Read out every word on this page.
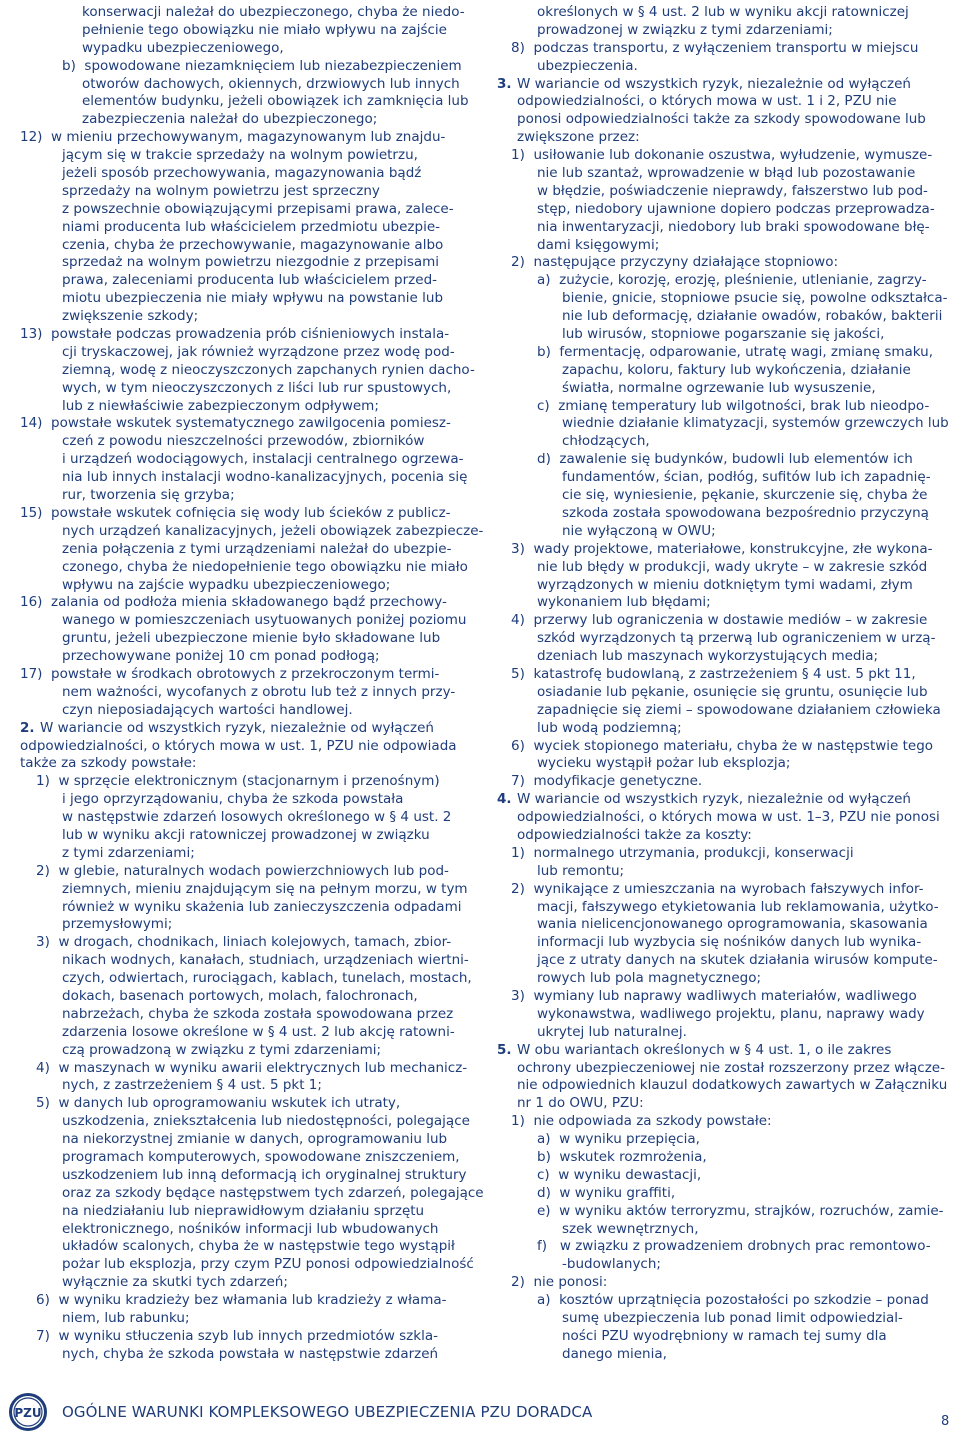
konserwacji należał do ubezpieczonego, chyba że niedo-
pełnienie tego obowiązku nie miało wpływu na zajście
wypadku ubezpieczeniowego,
b)  spowodowane niezamknięciem lub niezabezpieczeniem
otworów dachowych, okiennych, drzwiowych lub innych
elementów budynku, jeżeli obowiązek ich zamknięcia lub
zabezpieczenia należał do ubezpieczonego;
12)  w mieniu przechowywanym, magazynowanym lub znajdu-
jącym się w trakcie sprzedaży na wolnym powietrzu,
jeżeli sposób przechowywania, magazynowania bądź
sprzedaży na wolnym powietrzu jest sprzeczny
z powszechnie obowiązującymi przepisami prawa, zalece-
niami producenta lub właścicielem przedmiotu ubezpie-
czenia, chyba że przechowywanie, magazynowanie albo
sprzedaż na wolnym powietrzu niezgodnie z przepisami
prawa, zaleceniami producenta lub właścicielem przed-
miotu ubezpieczenia nie miały wpływu na powstanie lub
zwiększenie szkody;
13)  powstałe podczas prowadzenia prób ciśnieniowych instala-
cji tryskaczowej, jak również wyrządzone przez wodę pod-
ziemną, wodę z nieoczyszczonych zapchanych rynien dacho-
wych, w tym nieoczyszczonych z liści lub rur spustowych,
lub z niewłaściwie zabezpieczonym odpływem;
14)  powstałe wskutek systematycznego zawilgocenia pomiesz-
czeń z powodu nieszczelności przewodów, zbiorników
i urządzeń wodociągowych, instalacji centralnego ogrzewa-
nia lub innych instalacji wodno-kanalizacyjnych, pocenia się
rur, tworzenia się grzyba;
15)  powstałe wskutek cofnięcia się wody lub ścieków z publicz-
nych urządzeń kanalizacyjnych, jeżeli obowiązek zabezpiecze-
zenia połączenia z tymi urządzeniami należał do ubezpie-
czonego, chyba że niedopełnienie tego obowiązku nie miało
wpływu na zajście wypadku ubezpieczeniowego;
16)  zalania od podłoża mienia składowanego bądź przechowy-
wanego w pomieszczeniach usytuowanych poniżej poziomu
gruntu, jeżeli ubezpieczone mienie było składowane lub
przechowywane poniżej 10 cm ponad podłogą;
17)  powstałe w środkach obrotowych z przekroczonym termi-
nem ważności, wycofanych z obrotu lub też z innych przy-
czyn nieposiadających wartości handlowej.
2. W wariancie od wszystkich ryzyk, niezależnie od wyłączeń
odpowiedzialności, o których mowa w ust. 1, PZU nie odpowiada
także za szkody powstałe:
1)  w sprzęcie elektronicznym (stacjonarnym i przenośnym)
i jego oprzyrządowaniu, chyba że szkoda powstała
w następstwie zdarzeń losowych określonego w § 4 ust. 2
lub w wyniku akcji ratowniczej prowadzonej w związku
z tymi zdarzeniami;
2)  w glebie, naturalnych wodach powierzchniowych lub pod-
ziemnych, mieniu znajdującym się na pełnym morzu, w tym
również w wyniku skażenia lub zanieczyszczenia odpadami
przemysłowymi;
3)  w drogach, chodnikach, liniach kolejowych, tamach, zbior-
nikach wodnych, kanałach, studniach, urządzeniach wiertni-
czych, odwiertach, rurociągach, kablach, tunelach, mostach,
dokach, basenach portowych, molach, falochronach,
nabrzeżach, chyba że szkoda została spowodowana przez
zdarzenia losowe określone w § 4 ust. 2 lub akcję ratowni-
czą prowadzoną w związku z tymi zdarzeniami;
4)  w maszynach w wyniku awarii elektrycznych lub mechanicz-
nych, z zastrzeżeniem § 4 ust. 5 pkt 1;
5)  w danych lub oprogramowaniu wskutek ich utraty,
uszkodzenia, zniekształcenia lub niedostępności, polegające
na niekorzystnej zmianie w danych, oprogramowaniu lub
programach komputerowych, spowodowane zniszczeniem,
uszkodzeniem lub inną deformacją ich oryginalnej struktury
oraz za szkody będące następstwem tych zdarzeń, polegające
na niedziałaniu lub nieprawidłowym działaniu sprzętu
elektronicznego, nośników informacji lub wbudowanych
układów scalonych, chyba że w następstwie tego wystąpił
pożar lub eksplozja, przy czym PZU ponosi odpowiedzialność
wyłącznie za skutki tych zdarzeń;
6)  w wyniku kradzieży bez włamania lub kradzieży z włama-
niem, lub rabunku;
7)  w wyniku stłuczenia szyb lub innych przedmiotów szkla-
nych, chyba że szkoda powstała w następstwie zdarzeń
określonych w § 4 ust. 2 lub w wyniku akcji ratowniczej
prowadzonej w związku z tymi zdarzeniami;
8)  podczas transportu, z wyłączeniem transportu w miejscu
ubezpieczenia.
3. W wariancie od wszystkich ryzyk, niezależnie od wyłączeń
odpowiedzialności, o których mowa w ust. 1 i 2, PZU nie
ponosi odpowiedzialności także za szkody spowodowane lub
zwiększone przez:
1)  usiłowanie lub dokonanie oszustwa, wyłudzenie, wymusze-
nie lub szantaż, wprowadzenie w błąd lub pozostawanie
w błędzie, poświadczenie nieprawdy, fałszerstwo lub pod-
stęp, niedobory ujawnione dopiero podczas przeprowadza-
nia inwentaryzacji, niedobory lub braki spowodowane błę-
dami księgowymi;
2)  następujące przyczyny działające stopniowo:
a)  zużycie, korozję, erozję, pleśnienie, utlenianie, zagrzy-
bienie, gnicie, stopniowe psucie się, powolne odkształca-
nie lub deformację, działanie owadów, robaków, bakterii
lub wirusów, stopniowe pogarszanie się jakości,
b)  fermentację, odparowanie, utratę wagi, zmianę smaku,
zapachu, koloru, faktury lub wykończenia, działanie
światła, normalne ogrzewanie lub wysuszenie,
c)  zmianę temperatury lub wilgotności, brak lub nieodpo-
wiednie działanie klimatyzacji, systemów grzewczych lub
chłodzących,
d)  zawalenie się budynków, budowli lub elementów ich
fundamentów, ścian, podłóg, sufitów lub ich zapadnię-
cie się, wyniesienie, pękanie, skurczenie się, chyba że
szkoda została spowodowana bezpośrednio przyczyną
nie wyłączoną w OWU;
3)  wady projektowe, materiałowe, konstrukcyjne, złe wykona-
nie lub błędy w produkcji, wady ukryte – w zakresie szkód
wyrządzonych w mieniu dotkniętym tymi wadami, złym
wykonaniem lub błędami;
4)  przerwy lub ograniczenia w dostawie mediów – w zakresie
szkód wyrządzonych tą przerwą lub ograniczeniem w urzą-
dzeniach lub maszynach wykorzystujących media;
5)  katastrofę budowlaną, z zastrzeżeniem § 4 ust. 5 pkt 11,
osiadanie lub pękanie, osunięcie się gruntu, osunięcie lub
zapadnięcie się ziemi – spowodowane działaniem człowieka
lub wodą podziemną;
6)  wyciek stopionego materiału, chyba że w następstwie tego
wycieku wystąpił pożar lub eksplozja;
7)  modyfikacje genetyczne.
4. W wariancie od wszystkich ryzyk, niezależnie od wyłączeń
odpowiedzialności, o których mowa w ust. 1–3, PZU nie ponosi
odpowiedzialności także za koszty:
1)  normalnego utrzymania, produkcji, konserwacji
lub remontu;
2)  wynikające z umieszczania na wyrobach fałszywych infor-
macji, fałszywego etykietowania lub reklamowania, użytko-
wania nielicencjonowanego oprogramowania, skasowania
informacji lub wyzbycia się nośników danych lub wynika-
jące z utraty danych na skutek działania wirusów kompute-
rowych lub pola magnetycznego;
3)  wymiany lub naprawy wadliwych materiałów, wadliwego
wykonawstwa, wadliwego projektu, planu, naprawy wady
ukrytej lub naturalnej.
5. W obu wariantach określonych w § 4 ust. 1, o ile zakres
ochrony ubezpieczeniowej nie został rozszerzony przez włącze-
nie odpowiednich klauzul dodatkowych zawartych w Załączniku
nr 1 do OWU, PZU:
1)  nie odpowiada za szkody powstałe:
a)  w wyniku przepięcia,
b)  wskutek rozmrożenia,
c)  w wyniku dewastacji,
d)  w wyniku graffiti,
e)  w wyniku aktów terroryzmu, strajków, rozruchów, zamie-
szek wewnętrznych,
f)   w związku z prowadzeniem drobnych prac remontowo-
-budowlanych;
2)  nie ponosi:
a)  kosztów uprzątnięcia pozostałości po szkodzie – ponad
sumę ubezpieczenia lub ponad limit odpowiedzial-
ności PZU wyodrębniony w ramach tej sumy dla
danego mienia,
PZU OGÓLNE WARUNKI KOMPLEKSOWEGO UBEZPIECZENIA PZU DORADCA
8
